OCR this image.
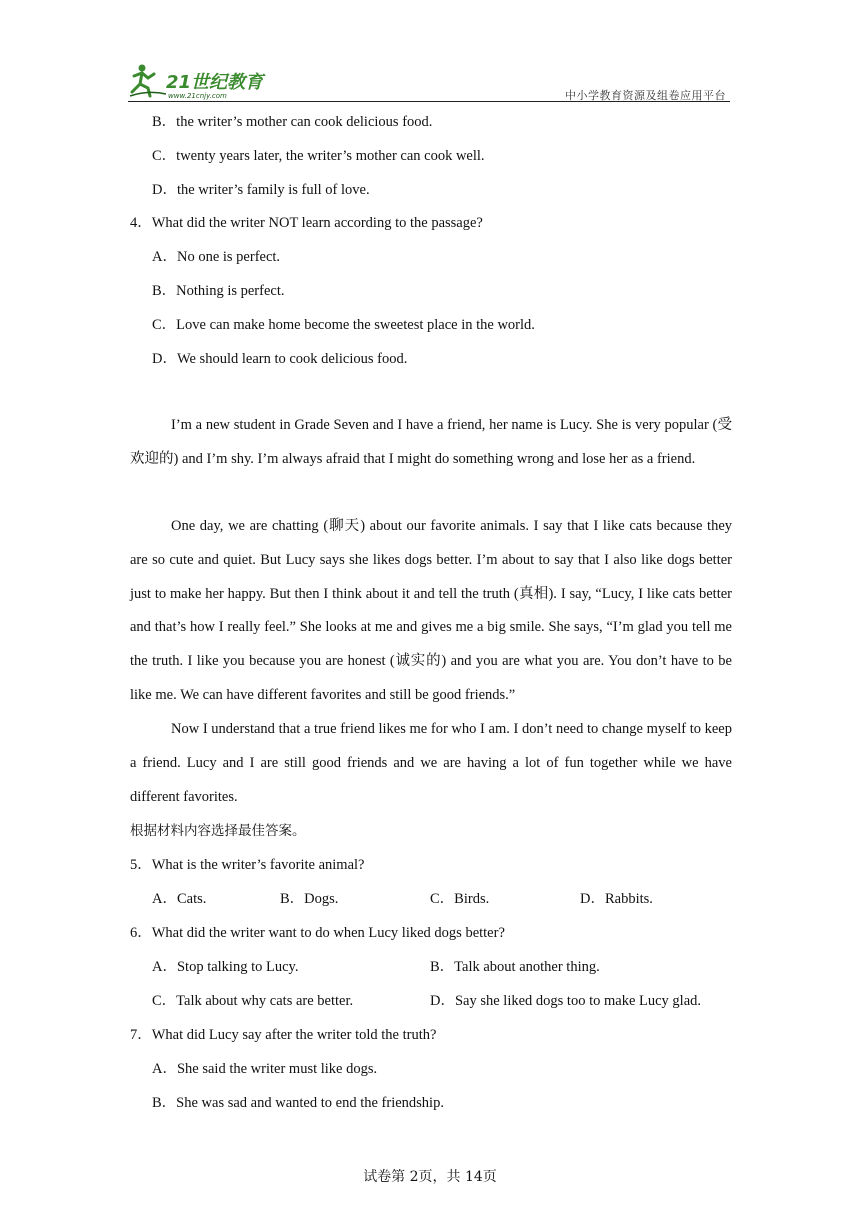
21世纪教育
www.21cnjy.com	中小学教育资源及组卷应用平台
B．the writer’s mother can cook delicious food.
C．twenty years later, the writer’s mother can cook well.
D．the writer’s family is full of love.
4．What did the writer NOT learn according to the passage?
A．No one is perfect.
B．Nothing is perfect.
C．Love can make home become the sweetest place in the world.
D．We should learn to cook delicious food.
I’m a new student in Grade Seven and I have a friend, her name is Lucy. She is very popular (受欢迎的) and I’m shy. I’m always afraid that I might do something wrong and lose her as a friend.
One day, we are chatting (聊天) about our favorite animals. I say that I like cats because they are so cute and quiet. But Lucy says she likes dogs better. I’m about to say that I also like dogs better just to make her happy. But then I think about it and tell the truth (真相). I say, “Lucy, I like cats better and that’s how I really feel.” She looks at me and gives me a big smile. She says, “I’m glad you tell me the truth. I like you because you are honest (诚实的) and you are what you are. You don’t have to be like me. We can have different favorites and still be good friends.”
Now I understand that a true friend likes me for who I am. I don’t need to change myself to keep a friend. Lucy and I are still good friends and we are having a lot of fun together while we have different favorites.
根据材料内容选择最佳答案。
5．What is the writer’s favorite animal?
A．Cats.	B．Dogs.	C．Birds.	D．Rabbits.
6．What did the writer want to do when Lucy liked dogs better?
A．Stop talking to Lucy.	B．Talk about another thing.
C．Talk about why cats are better.	D．Say she liked dogs too to make Lucy glad.
7．What did Lucy say after the writer told the truth?
A．She said the writer must like dogs.
B．She was sad and wanted to end the friendship.
试卷第 2页，共 14页
